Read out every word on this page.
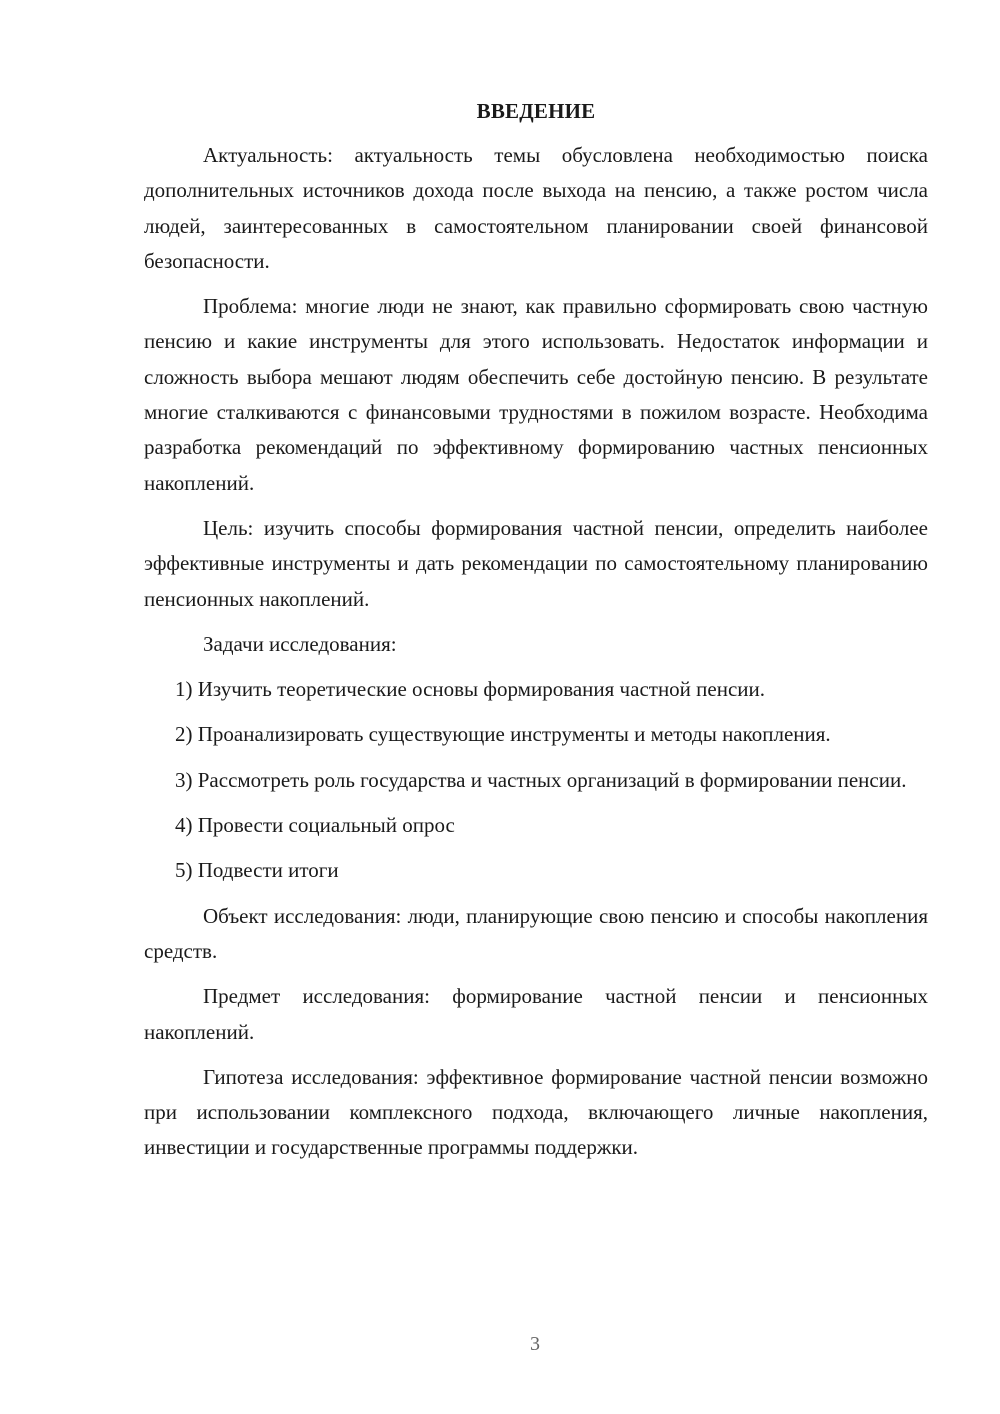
ВВЕДЕНИЕ

Актуальность: актуальность темы обусловлена необходимостью поиска дополнительных источников дохода после выхода на пенсию, а также ростом числа людей, заинтересованных в самостоятельном планировании своей финансовой безопасности.

Проблема: многие люди не знают, как правильно сформировать свою частную пенсию и какие инструменты для этого использовать. Недостаток информации и сложность выбора мешают людям обеспечить себе достойную пенсию. В результате многие сталкиваются с финансовыми трудностями в пожилом возрасте. Необходима разработка рекомендаций по эффективному формированию частных пенсионных накоплений.

Цель: изучить способы формирования частной пенсии, определить наиболее эффективные инструменты и дать рекомендации по самостоятельному планированию пенсионных накоплений.

Задачи исследования:

1) Изучить теоретические основы формирования частной пенсии.

2) Проанализировать существующие инструменты и методы накопления.

3) Рассмотреть роль государства и частных организаций в формировании пенсии.

4) Провести социальный опрос

5) Подвести итоги

Объект исследования: люди, планирующие свою пенсию и способы накопления средств.

Предмет исследования: формирование частной пенсии и пенсионных накоплений.

Гипотеза исследования: эффективное формирование частной пенсии возможно при использовании комплексного подхода, включающего личные накопления, инвестиции и государственные программы поддержки.

3
